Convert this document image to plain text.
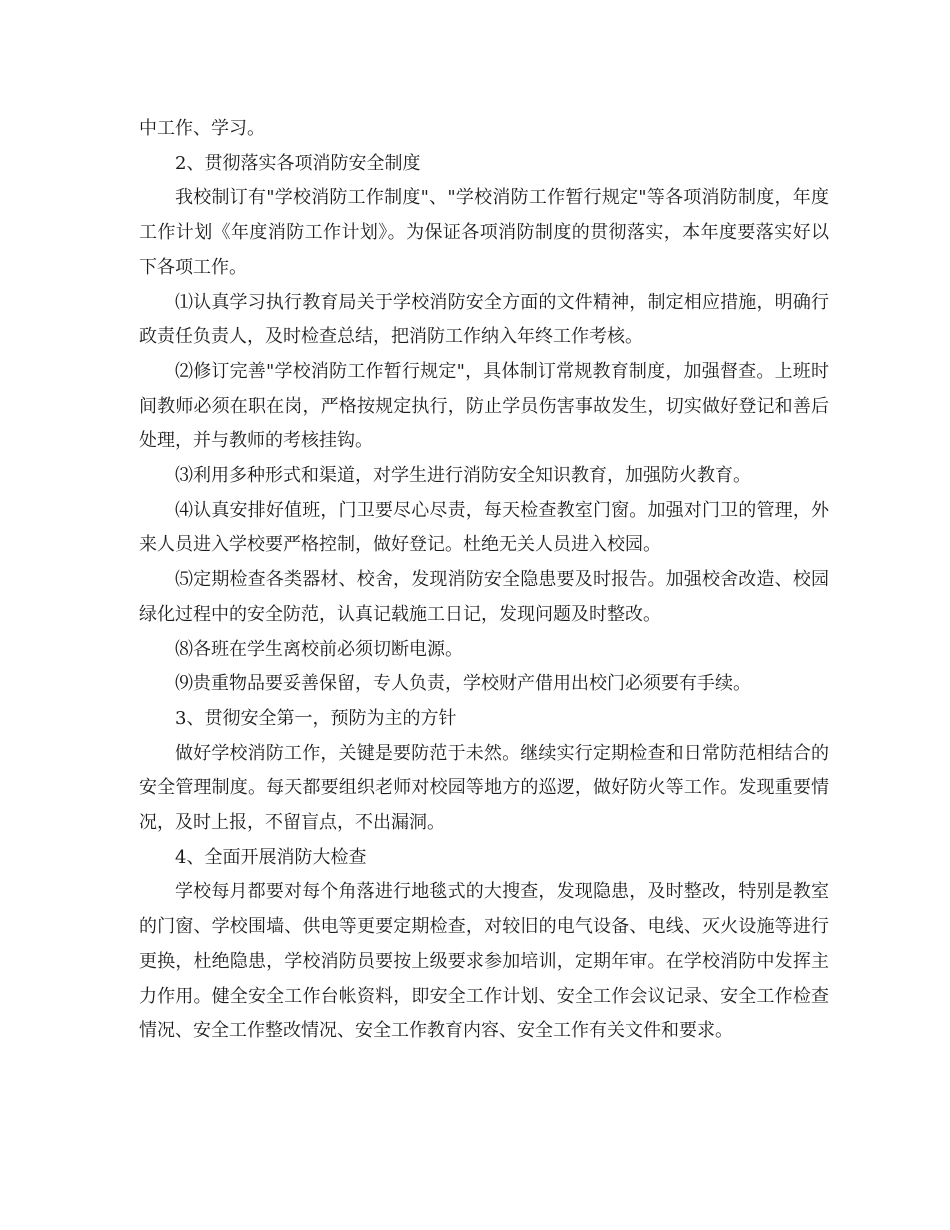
中工作、学习。

2、贯彻落实各项消防安全制度

我校制订有"学校消防工作制度"、"学校消防工作暂行规定"等各项消防制度，年度工作计划《年度消防工作计划》。为保证各项消防制度的贯彻落实，本年度要落实好以下各项工作。

⑴认真学习执行教育局关于学校消防安全方面的文件精神，制定相应措施，明确行政责任负责人，及时检查总结，把消防工作纳入年终工作考核。

⑵修订完善"学校消防工作暂行规定"，具体制订常规教育制度，加强督查。上班时间教师必须在职在岗，严格按规定执行，防止学员伤害事故发生，切实做好登记和善后处理，并与教师的考核挂钩。

⑶利用多种形式和渠道，对学生进行消防安全知识教育，加强防火教育。

⑷认真安排好值班，门卫要尽心尽责，每天检查教室门窗。加强对门卫的管理，外来人员进入学校要严格控制，做好登记。杜绝无关人员进入校园。

⑸定期检查各类器材、校舍，发现消防安全隐患要及时报告。加强校舍改造、校园绿化过程中的安全防范，认真记载施工日记，发现问题及时整改。

⑻各班在学生离校前必须切断电源。

⑼贵重物品要妥善保留，专人负责，学校财产借用出校门必须要有手续。

3、贯彻安全第一，预防为主的方针

做好学校消防工作，关键是要防范于未然。继续实行定期检查和日常防范相结合的安全管理制度。每天都要组织老师对校园等地方的巡逻，做好防火等工作。发现重要情况，及时上报，不留盲点，不出漏洞。

4、全面开展消防大检查

学校每月都要对每个角落进行地毯式的大搜查，发现隐患，及时整改，特别是教室的门窗、学校围墙、供电等更要定期检查，对较旧的电气设备、电线、灭火设施等进行更换，杜绝隐患，学校消防员要按上级要求参加培训，定期年审。在学校消防中发挥主力作用。健全安全工作台帐资料，即安全工作计划、安全工作会议记录、安全工作检查情况、安全工作整改情况、安全工作教育内容、安全工作有关文件和要求。
